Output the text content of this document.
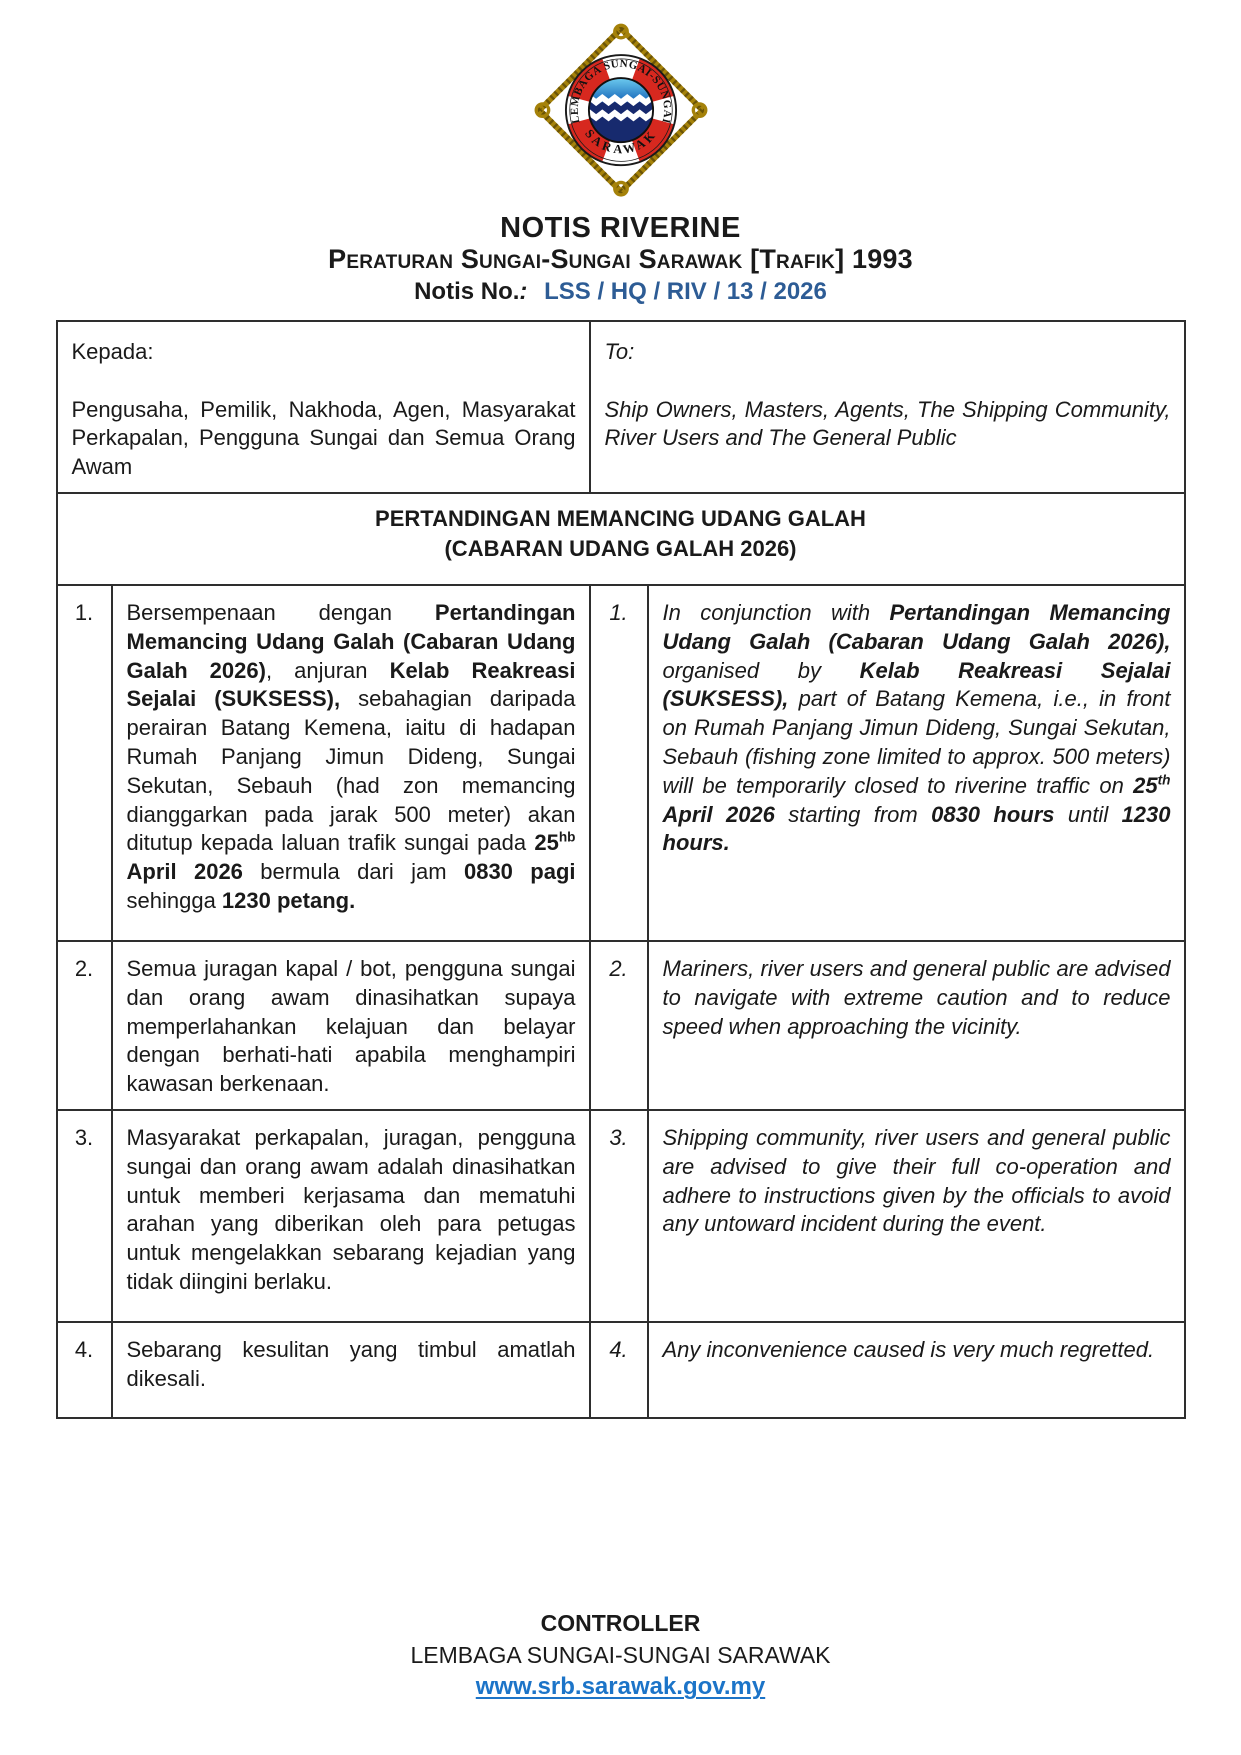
LEMBAGA SUNGAI-SUNGAI
SARAWAK
NOTIS RIVERINE
Peraturan Sungai-Sungai Sarawak [Trafik] 1993
Notis No.: LSS / HQ / RIV / 13 / 2026

Kepada:

Pengusaha, Pemilik, Nakhoda, Agen, Masyarakat Perkapalan, Pengguna Sungai dan Semua Orang Awam

To:

Ship Owners, Masters, Agents, The Shipping Community, River Users and The General Public

PERTANDINGAN MEMANCING UDANG GALAH
(CABARAN UDANG GALAH 2026)			

1.	Bersempenaan dengan Pertandingan Memancing Udang Galah (Cabaran Udang Galah 2026), anjuran Kelab Reakreasi Sejalai (SUKSESS), sebahagian daripada perairan Batang Kemena, iaitu di hadapan Rumah Panjang Jimun Dideng, Sungai Sekutan, Sebauh (had zon memancing dianggarkan pada jarak 500 meter) akan ditutup kepada laluan trafik sungai pada $25^{hb}$ April 2026 bermula dari jam 0830 pagi sehingga 1230 petang.	1.	In conjunction with Pertandingan Memancing Udang Galah (Cabaran Udang Galah 2026), organised by Kelab Reakreasi Sejalai (SUKSESS), part of Batang Kemena, i.e., in front on Rumah Panjang Jimun Dideng, Sungai Sekutan, Sebauh (fishing zone limited to approx. 500 meters) will be temporarily closed to riverine traffic on 25th April 2026 starting from 0830 hours until 1230 hours.
2.	Semua juragan kapal / bot, pengguna sungai dan orang awam dinasihatkan supaya memperlahankan kelajuan dan belayar dengan berhati-hati apabila menghampiri kawasan berkenaan.	2.	Mariners, river users and general public are advised to navigate with extreme caution and to reduce speed when approaching the vicinity.
3.	Masyarakat perkapalan, juragan, pengguna sungai dan orang awam adalah dinasihatkan untuk memberi kerjasama dan mematuhi arahan yang diberikan oleh para petugas untuk mengelakkan sebarang kejadian yang tidak diingini berlaku.	3.	Shipping community, river users and general public are advised to give their full co-operation and adhere to instructions given by the officials to avoid any untoward incident during the event.
4.	Sebarang kesulitan yang timbul amatlah dikesali.	4.	Any inconvenience caused is very much regretted.
CONTROLLER
LEMBAGA SUNGAI-SUNGAI SARAWAK
www.srb.sarawak.gov.my
